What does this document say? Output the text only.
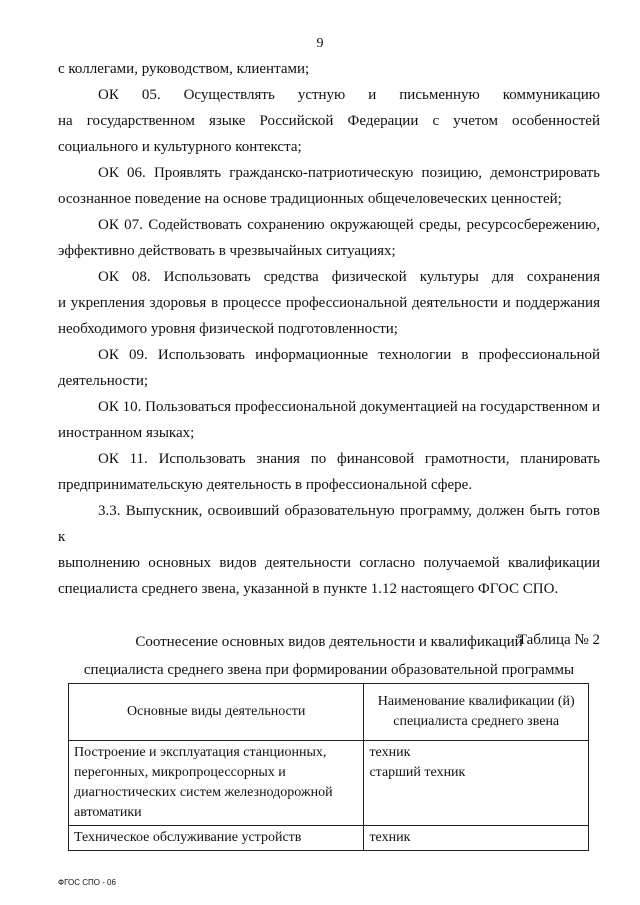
9

с коллегами, руководством, клиентами;

ОК 05. Осуществлять устную и письменную коммуникацию
на государственном языке Российской Федерации с учетом особенностей
социального и культурного контекста;
ОК 06. Проявлять гражданско-патриотическую позицию, демонстрировать
осознанное поведение на основе традиционных общечеловеческих ценностей;
ОК 07. Содействовать сохранению окружающей среды, ресурсосбережению,
эффективно действовать в чрезвычайных ситуациях;
ОК 08. Использовать средства физической культуры для сохранения
и укрепления здоровья в процессе профессиональной деятельности и поддержания
необходимого уровня физической подготовленности;
ОК 09. Использовать информационные технологии в профессиональной
деятельности;
ОК 10. Пользоваться профессиональной документацией на государственном и
иностранном языках;
ОК 11. Использовать знания по финансовой грамотности, планировать
предпринимательскую деятельность в профессиональной сфере.
3.3. Выпускник, освоивший образовательную программу, должен быть готов к
выполнению основных видов деятельности согласно получаемой квалификации
специалиста среднего звена, указанной в пункте 1.12 настоящего ФГОС СПО.
Таблица № 2
Соотнесение основных видов деятельности и квалификаций
специалиста среднего звена при формировании образовательной программы
Основные виды деятельности	Наименование квалификации (й) специалиста среднего звена
Построение и эксплуатация станционных, перегонных, микропроцессорных и диагностических систем железнодорожной автоматики	техник
старший техник

Техническое обслуживание устройств	техник
ФГОС СПО - 06
